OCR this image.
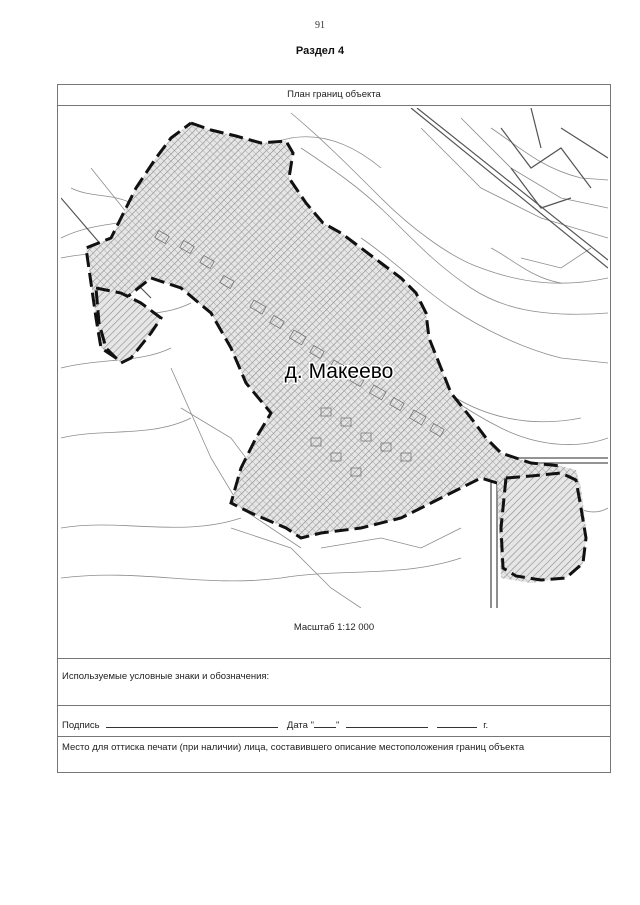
91
Раздел 4
План границ объекта
д. Макеево
Масштаб 1:12 000
Используемые условные знаки и обозначения:
Подпись	Дата " "	г.
Место для оттиска печати (при наличии) лица, составившего описание местоположения границ объекта
